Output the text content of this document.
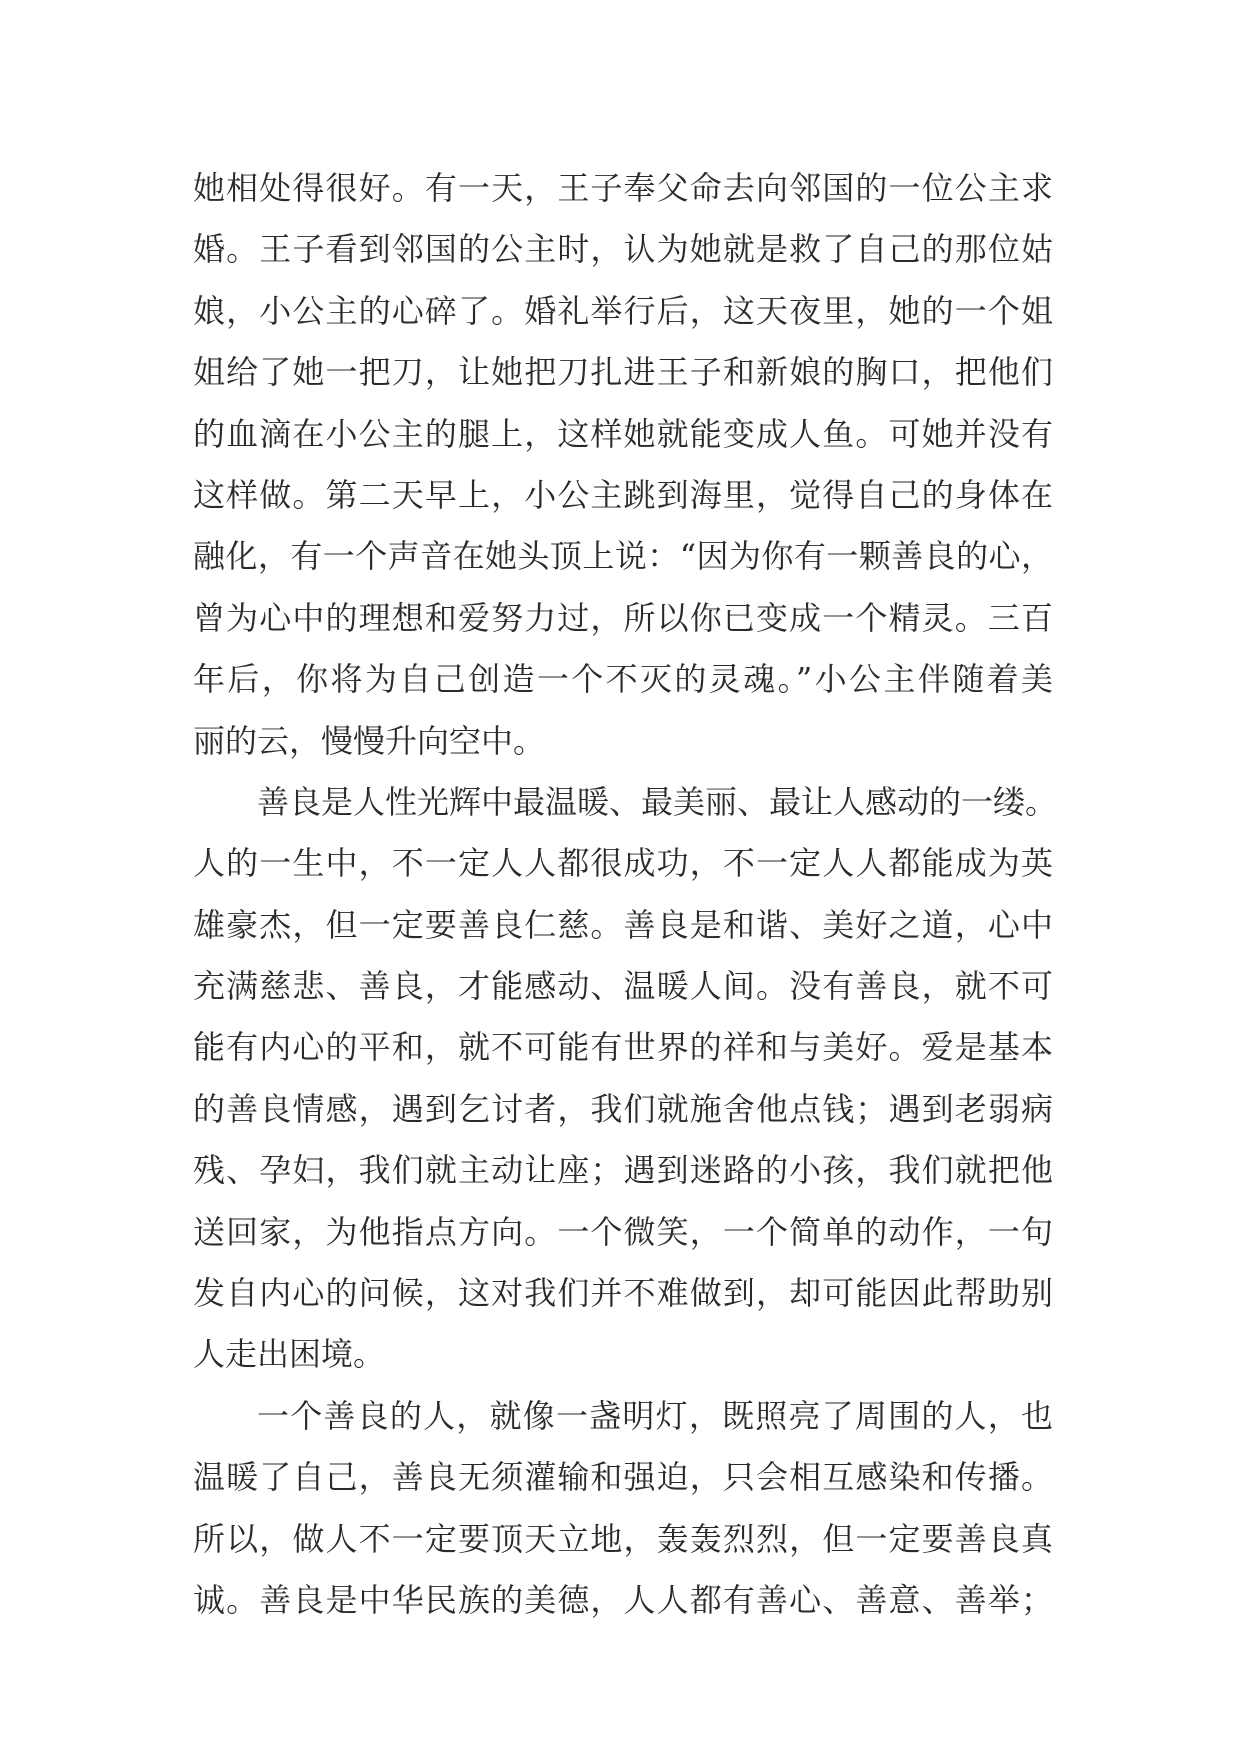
她相处得很好。有一天，王子奉父命去向邻国的一位公主求
婚。王子看到邻国的公主时，认为她就是救了自己的那位姑
娘，小公主的心碎了。婚礼举行后，这天夜里，她的一个姐
姐给了她一把刀，让她把刀扎进王子和新娘的胸口，把他们
的血滴在小公主的腿上，这样她就能变成人鱼。可她并没有
这样做。第二天早上，小公主跳到海里，觉得自己的身体在
融化，有一个声音在她头顶上说：“因为你有一颗善良的心，
曾为心中的理想和爱努力过，所以你已变成一个精灵。三百
年后，你将为自己创造一个不灭的灵魂。”小公主伴随着美
丽的云，慢慢升向空中。
善良是人性光辉中最温暖、最美丽、最让人感动的一缕。
人的一生中，不一定人人都很成功，不一定人人都能成为英
雄豪杰，但一定要善良仁慈。善良是和谐、美好之道，心中
充满慈悲、善良，才能感动、温暖人间。没有善良，就不可
能有内心的平和，就不可能有世界的祥和与美好。爱是基本
的善良情感，遇到乞讨者，我们就施舍他点钱；遇到老弱病
残、孕妇，我们就主动让座；遇到迷路的小孩，我们就把他
送回家，为他指点方向。一个微笑，一个简单的动作，一句
发自内心的问候，这对我们并不难做到，却可能因此帮助别
人走出困境。
一个善良的人，就像一盏明灯，既照亮了周围的人，也
温暖了自己，善良无须灌输和强迫，只会相互感染和传播。
所以，做人不一定要顶天立地，轰轰烈烈，但一定要善良真
诚。善良是中华民族的美德，人人都有善心、善意、善举；
